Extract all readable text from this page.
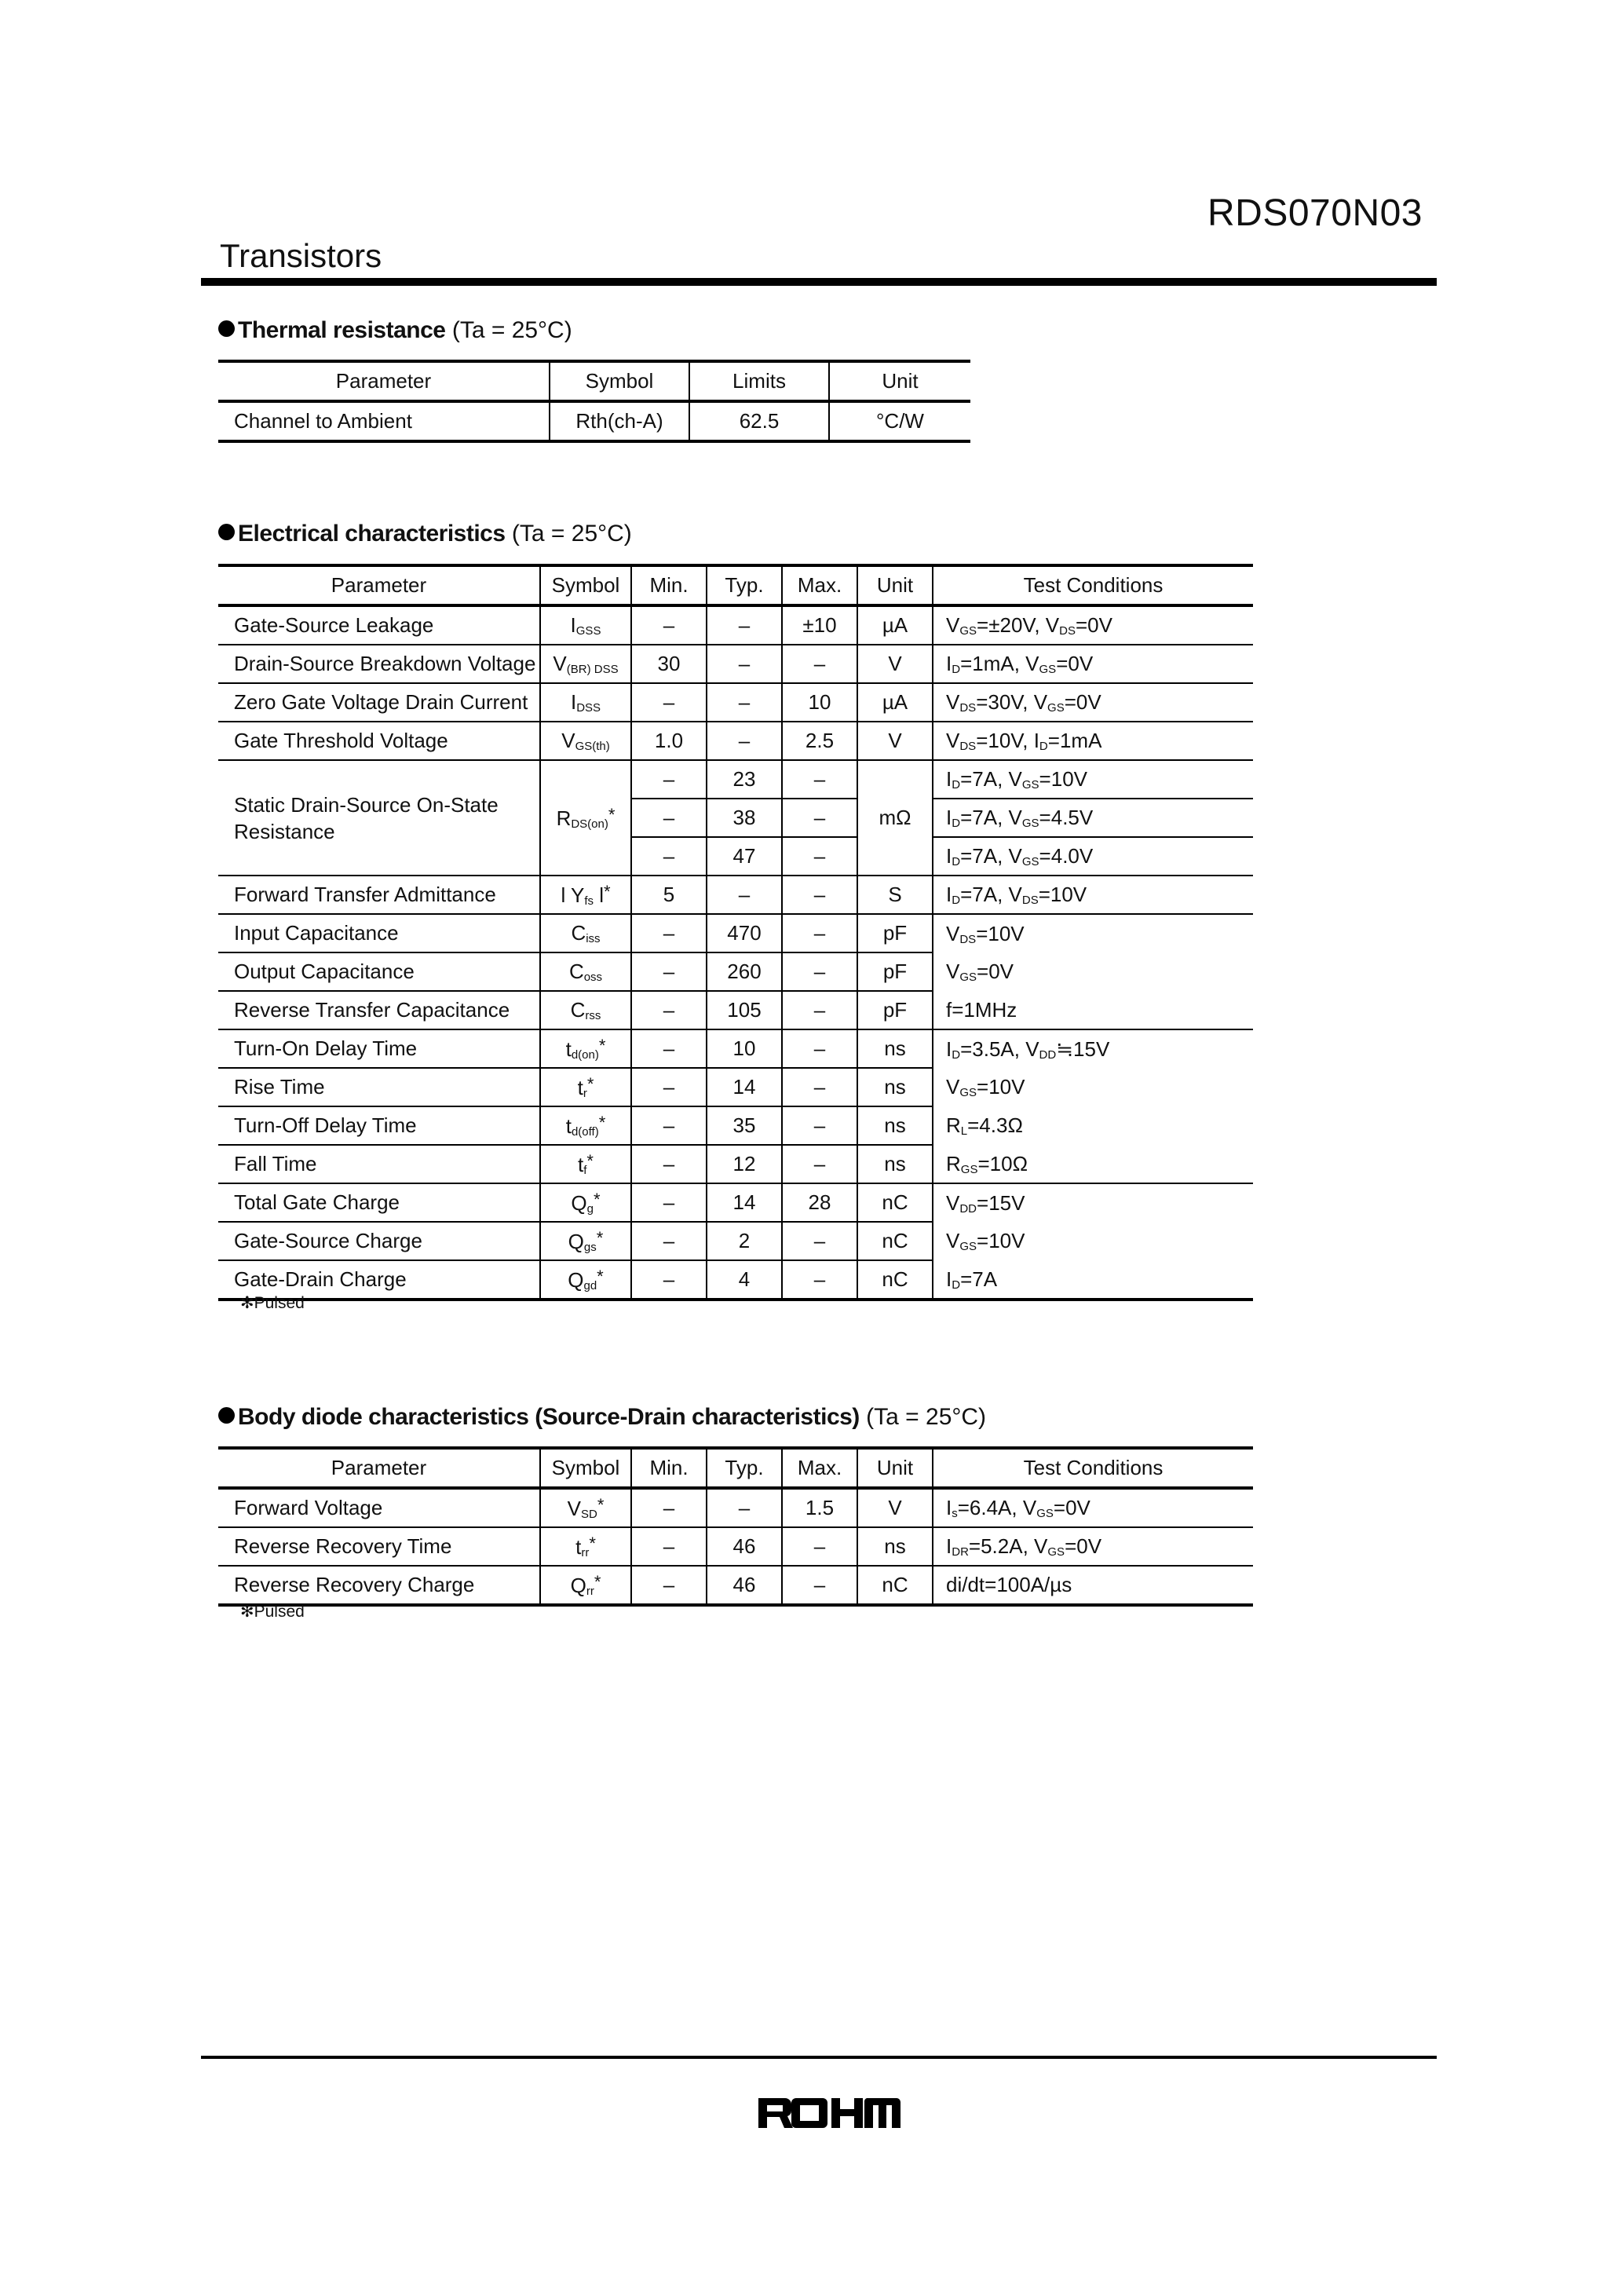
RDS070N03
Transistors
Thermal resistance (Ta = 25°C)
Parameter	Symbol	Limits	Unit
Channel to Ambient	Rth(ch-A)	62.5	°C/W
Electrical characteristics (Ta = 25°C)
Parameter	Symbol	Min.	Typ.	Max.	Unit	Test Conditions
Gate-Source Leakage	IGSS	–	–	±10	µA	VGS=±20V, VDS=0V
Drain-Source Breakdown Voltage	V(BR) DSS	30	–	–	V	ID=1mA, VGS=0V
Zero Gate Voltage Drain Current	IDSS	–	–	10	µA	VDS=30V, VGS=0V
Gate Threshold Voltage	VGS(th)	1.0	–	2.5	V	VDS=10V, ID=1mA
Static Drain-Source On-State
Resistance	RDS(on)*	–	23	–	mΩ	ID=7A, VGS=10V
		–	38	–		ID=7A, VGS=4.5V
		–	47	–		ID=7A, VGS=4.0V
Forward Transfer Admittance	l Yfs l*	5	–	–	S	ID=7A, VDS=10V
Input Capacitance	Ciss	–	470	–	pF	VDS=10V
Output Capacitance	Coss	–	260	–	pF	VGS=0V
Reverse Transfer Capacitance	Crss	–	105	–	pF	f=1MHz
Turn-On Delay Time	td(on)*	–	10	–	ns	ID=3.5A, VDD≒15V
Rise Time	tr*	–	14	–	ns	VGS=10V
Turn-Off Delay Time	td(off)*	–	35	–	ns	RL=4.3Ω
Fall Time	tf*	–	12	–	ns	RGS=10Ω
Total Gate Charge	Qg*	–	14	28	nC	VDD=15V
Gate-Source Charge	Qgs*	–	2	–	nC	VGS=10V
Gate-Drain Charge	Qgd*	–	4	–	nC	ID=7A
✻Pulsed
Body diode characteristics (Source-Drain characteristics) (Ta = 25°C)
Parameter	Symbol	Min.	Typ.	Max.	Unit	Test Conditions
Forward Voltage	VSD*	–	–	1.5	V	Is=6.4A, VGS=0V
Reverse Recovery Time	trr*	–	46	–	ns	IDR=5.2A, VGS=0V
Reverse Recovery Charge	Qrr*	–	46	–	nC	di/dt=100A/µs
✻Pulsed
